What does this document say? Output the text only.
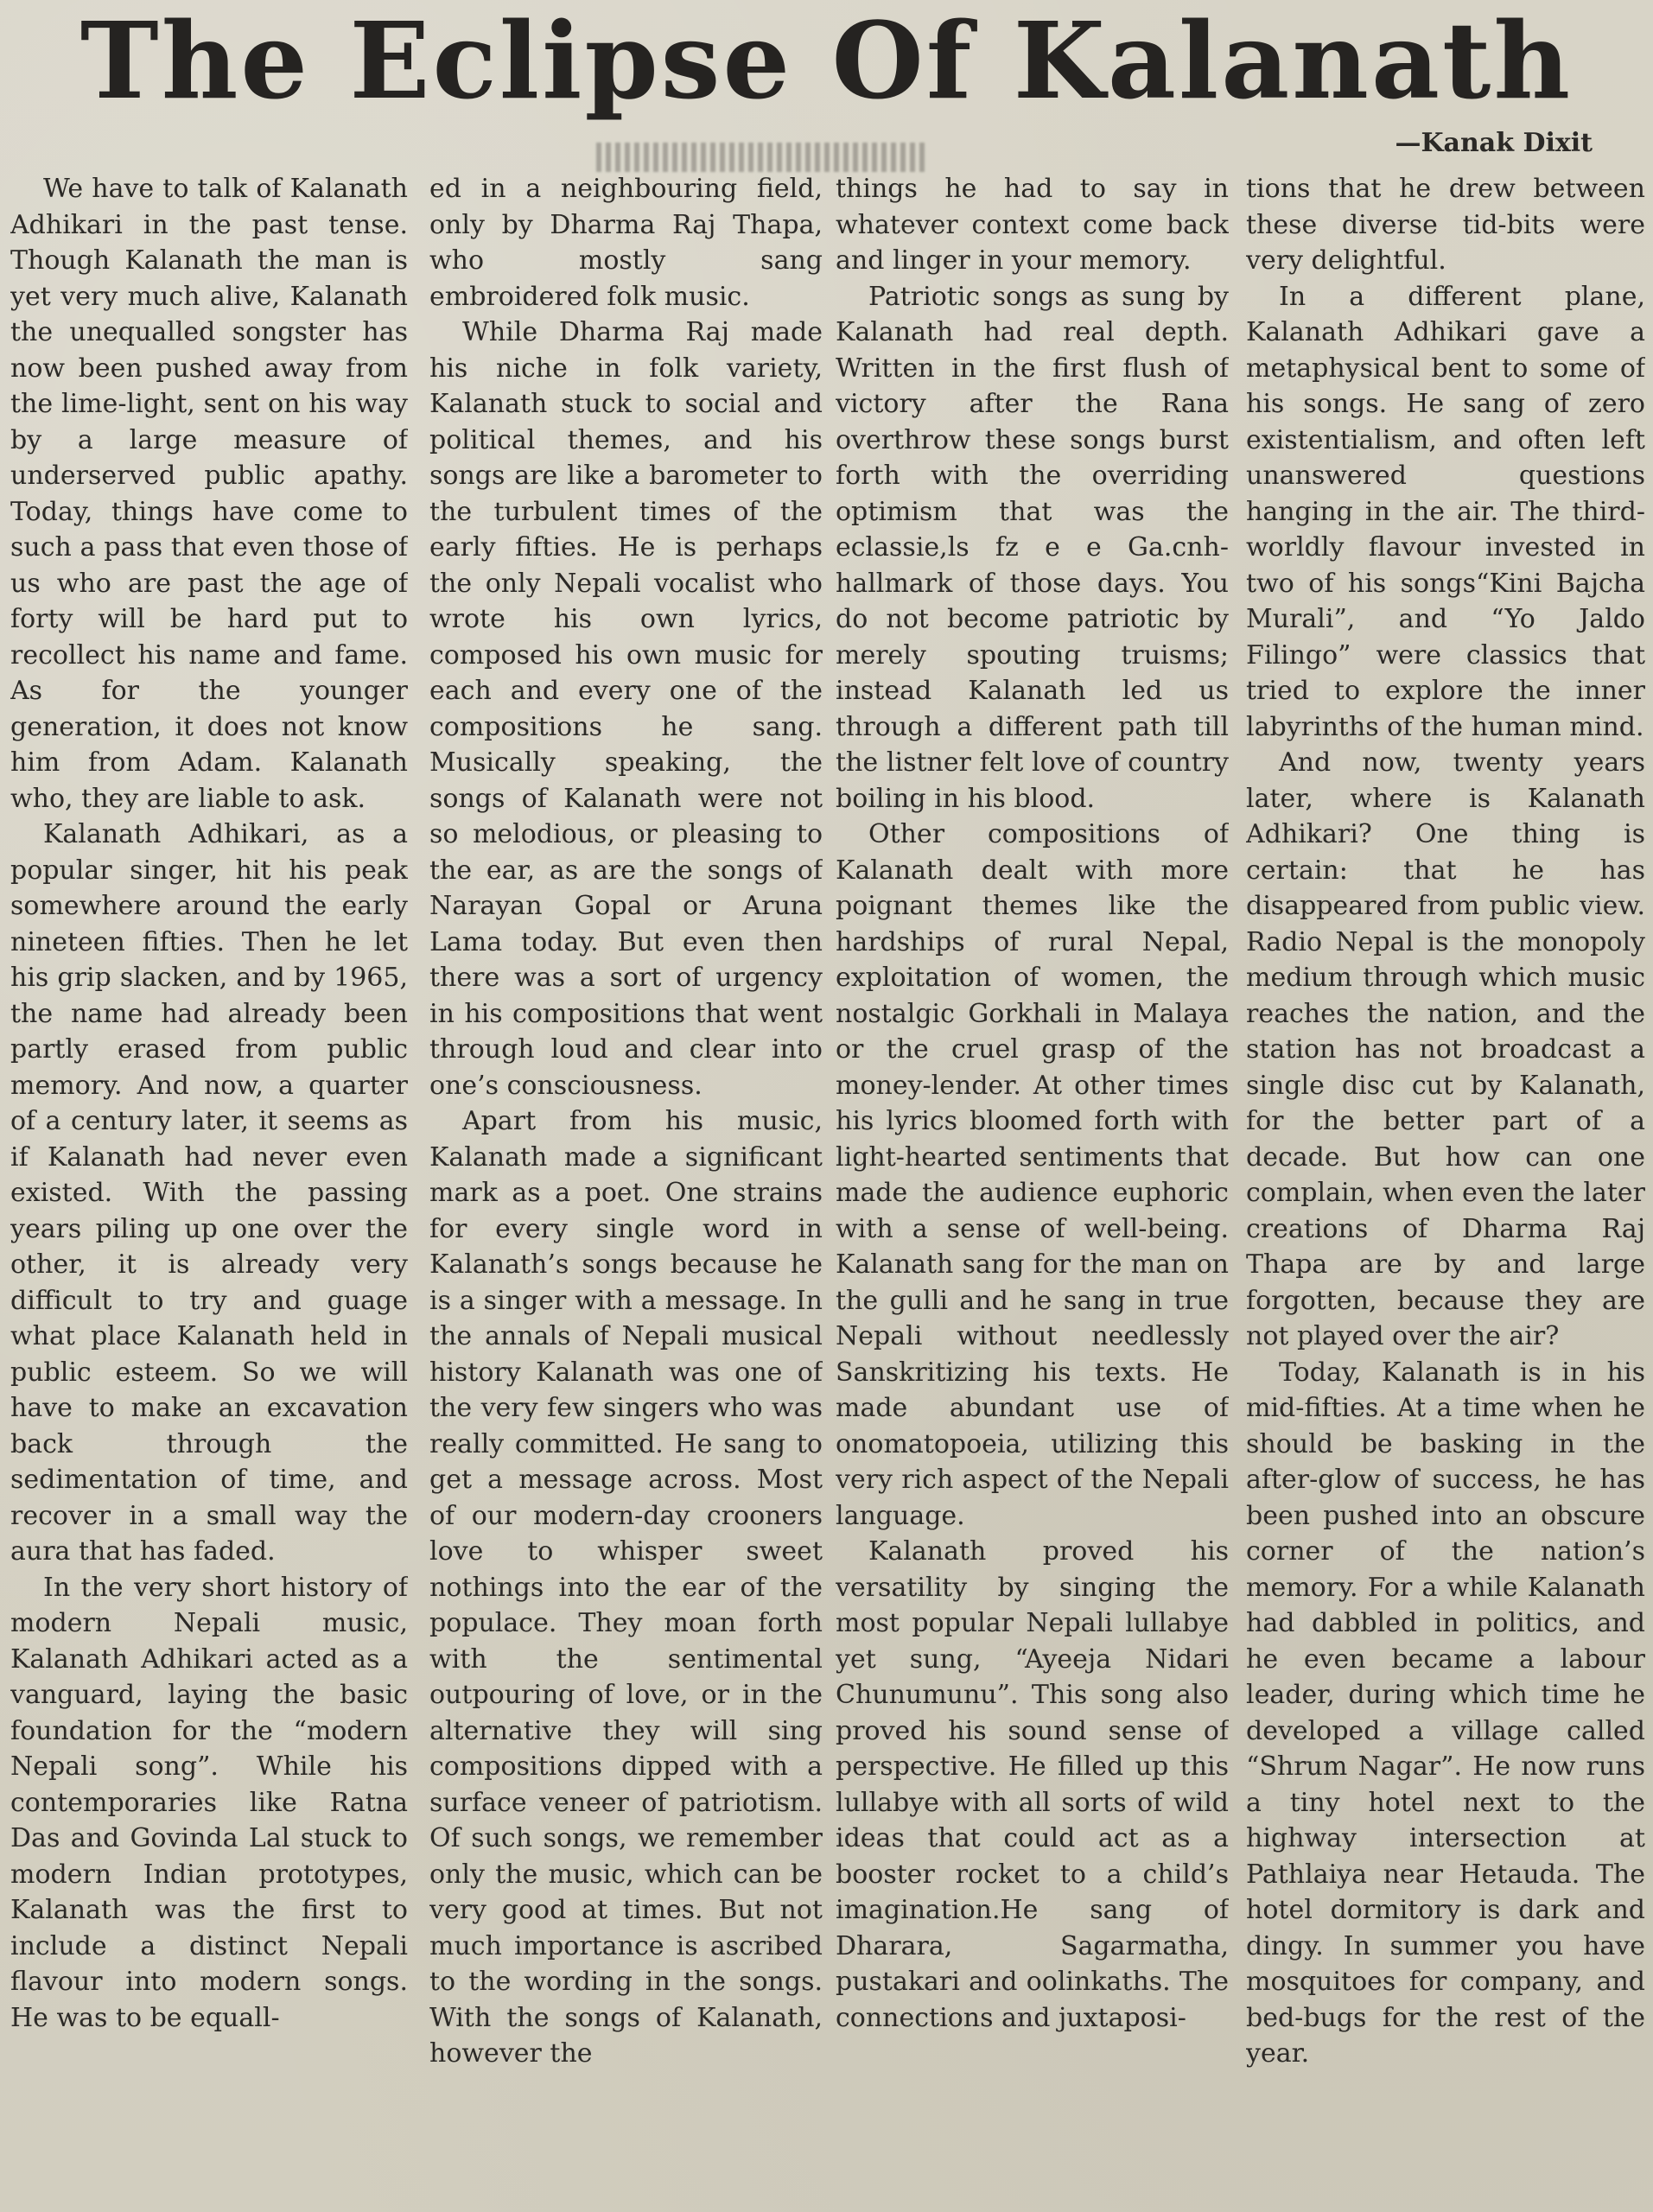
The Eclipse Of Kalanath
—Kanak Dixit

We have to talk of Kalanath Adhikari in the past tense. Though Kalanath the man is yet very much alive, Kalanath the unequalled songster has now been pushed away from the lime-light, sent on his way by a large measure of underserved public apathy. Today, things have come to such a pass that even those of us who are past the age of forty will be hard put to recollect his name and fame. As for the younger generation, it does not know him from Adam. Kalanath who, they are liable to ask.

Kalanath Adhikari, as a popular singer, hit his peak somewhere around the early nineteen fifties. Then he let his grip slacken, and by 1965, the name had already been partly erased from public memory. And now, a quarter of a century later, it seems as if Kalanath had never even existed. With the passing years piling up one over the other, it is already very difficult to try and guage what place Kalanath held in public esteem. So we will have to make an excavation back through the sedimentation of time, and recover in a small way the aura that has faded.

In the very short history of modern Nepali music, Kalanath Adhikari acted as a vanguard, laying the basic foundation for the “modern Nepali song”. While his contemporaries like Ratna Das and Govinda Lal stuck to modern Indian prototypes, Kalanath was the first to include a distinct Nepali flavour into modern songs. He was to be equall-

ed in a neighbouring field, only by Dharma Raj Thapa, who mostly sang embroidered folk music.

While Dharma Raj made his niche in folk variety, Kalanath stuck to social and political themes, and his songs are like a barometer to the turbulent times of the early fifties. He is perhaps the only Nepali vocalist who wrote his own lyrics, composed his own music for each and every one of the compositions he sang. Musically speaking, the songs of Kalanath were not so melodious, or pleasing to the ear, as are the songs of Narayan Gopal or Aruna Lama today. But even then there was a sort of urgency in his compositions that went through loud and clear into one’s consciousness.

Apart from his music, Kalanath made a significant mark as a poet. One strains for every single word in Kalanath’s songs because he is a singer with a message. In the annals of Nepali musical history Kalanath was one of the very few singers who was really committed. He sang to get a message across. Most of our modern-day crooners love to whisper sweet nothings into the ear of the populace. They moan forth with the sentimental outpouring of love, or in the alternative they will sing compositions dipped with a surface veneer of patriotism. Of such songs, we remember only the music, which can be very good at times. But not much importance is ascribed to the wording in the songs. With the songs of Kalanath, however the

things he had to say in whatever context come back and linger in your memory.

Patriotic songs as sung by Kalanath had real depth. Written in the first flush of victory after the Rana overthrow these songs burst forth with the overriding optimism that was the eclassie,ls fz e e Ga.cnh-hallmark of those days. You do not become patriotic by merely spouting truisms; instead Kalanath led us through a different path till the listner felt love of country boiling in his blood.

Other compositions of Kalanath dealt with more poignant themes like the hardships of rural Nepal, exploitation of women, the nostalgic Gorkhali in Malaya or the cruel grasp of the money-lender. At other times his lyrics bloomed forth with light-hearted sentiments that made the audience euphoric with a sense of well-being. Kalanath sang for the man on the gulli and he sang in true Nepali without needlessly Sanskritizing his texts. He made abundant use of onomatopoeia, utilizing this very rich aspect of the Nepali language.

Kalanath proved his versatility by singing the most popular Nepali lullabye yet sung, “Ayeeja Nidari Chunumunu”. This song also proved his sound sense of perspective. He filled up this lullabye with all sorts of wild ideas that could act as a booster rocket to a child’s imagination.He sang of Dharara, Sagarmatha, pustakari and oolinkaths. The connections and juxtaposi-

tions that he drew between these diverse tid-bits were very delightful.

In a different plane, Kalanath Adhikari gave a metaphysical bent to some of his songs. He sang of zero existentialism, and often left unanswered questions hanging in the air. The third-worldly flavour invested in two of his songs“Kini Bajcha Murali”, and “Yo Jaldo Filingo” were classics that tried to explore the inner labyrinths of the human mind.

And now, twenty years later, where is Kalanath Adhikari? One thing is certain: that he has disappeared from public view. Radio Nepal is the monopoly medium through which music reaches the nation, and the station has not broadcast a single disc cut by Kalanath, for the better part of a decade. But how can one complain, when even the later creations of Dharma Raj Thapa are by and large forgotten, because they are not played over the air?

Today, Kalanath is in his mid-fifties. At a time when he should be basking in the after-glow of success, he has been pushed into an obscure corner of the nation’s memory. For a while Kalanath had dabbled in politics, and he even became a labour leader, during which time he developed a village called “Shrum Nagar”. He now runs a tiny hotel next to the highway intersection at Pathlaiya near Hetauda. The hotel dormitory is dark and dingy. In summer you have mosquitoes for company, and bed-bugs for the rest of the year.
